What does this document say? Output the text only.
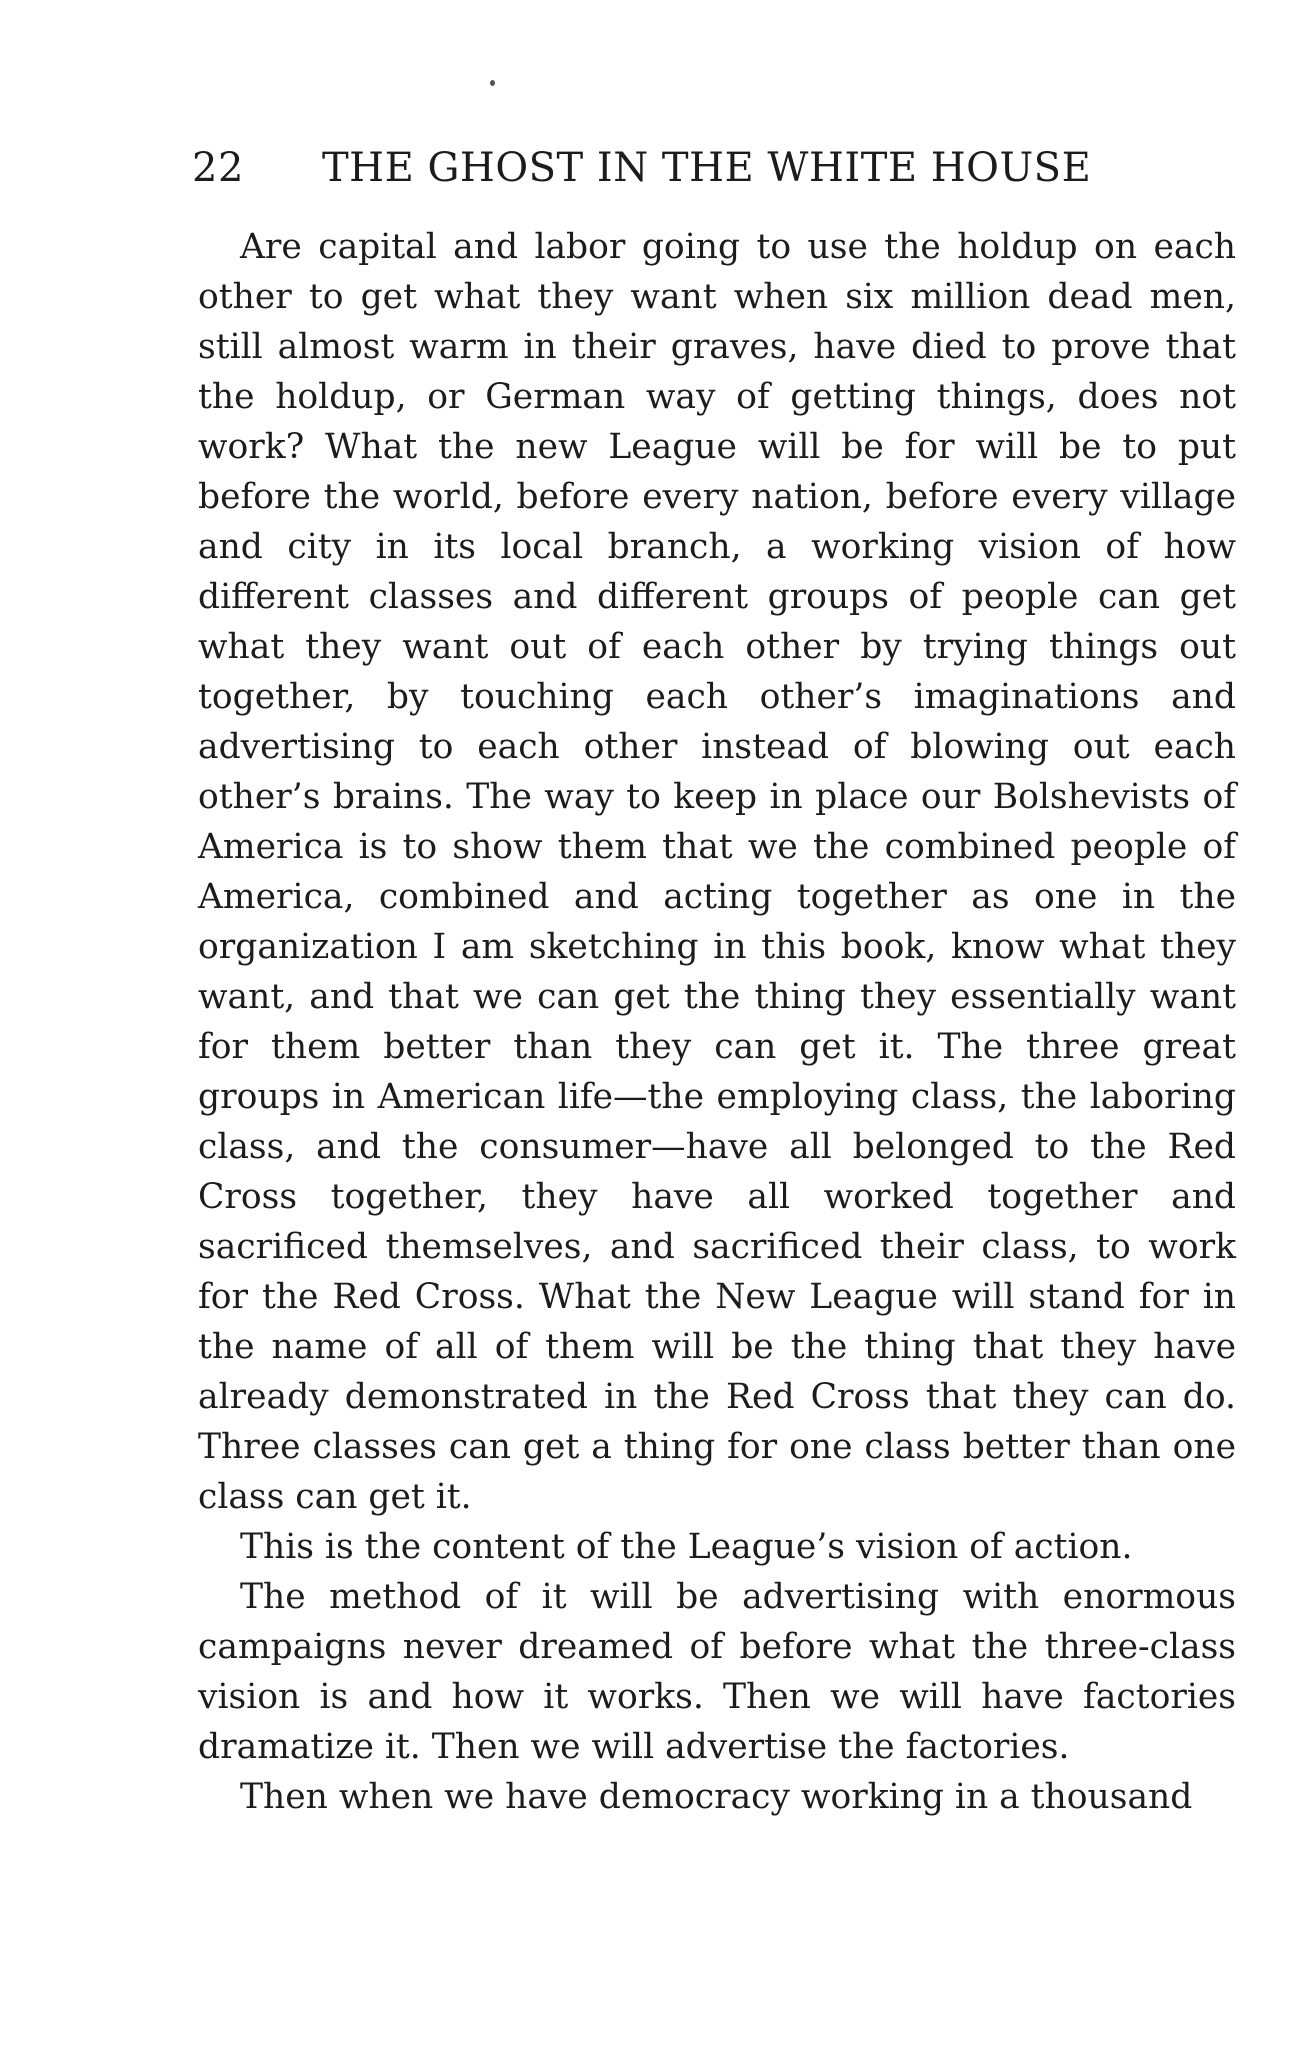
22 THE GHOST IN THE WHITE HOUSE

Are capital and labor going to use the holdup on each other to get what they want when six million dead men, still almost warm in their graves, have died to prove that the holdup, or German way of getting things, does not work? What the new League will be for will be to put before the world, before every nation, before every village and city in its local branch, a working vision of how different classes and different groups of people can get what they want out of each other by trying things out together, by touching each other’s imaginations and advertising to each other instead of blowing out each other’s brains. The way to keep in place our Bolshevists of America is to show them that we the combined people of America, combined and acting together as one in the organization I am sketching in this book, know what they want, and that we can get the thing they essentially want for them better than they can get it. The three great groups in American life—the employing class, the laboring class, and the consumer—have all belonged to the Red Cross together, they have all worked together and sacrificed themselves, and sacrificed their class, to work for the Red Cross. What the New League will stand for in the name of all of them will be the thing that they have already demonstrated in the Red Cross that they can do. Three classes can get a thing for one class better than one class can get it.

This is the content of the League’s vision of action.

The method of it will be advertising with enormous campaigns never dreamed of before what the three-class vision is and how it works. Then we will have factories dramatize it. Then we will advertise the factories.

Then when we have democracy working in a thousand
